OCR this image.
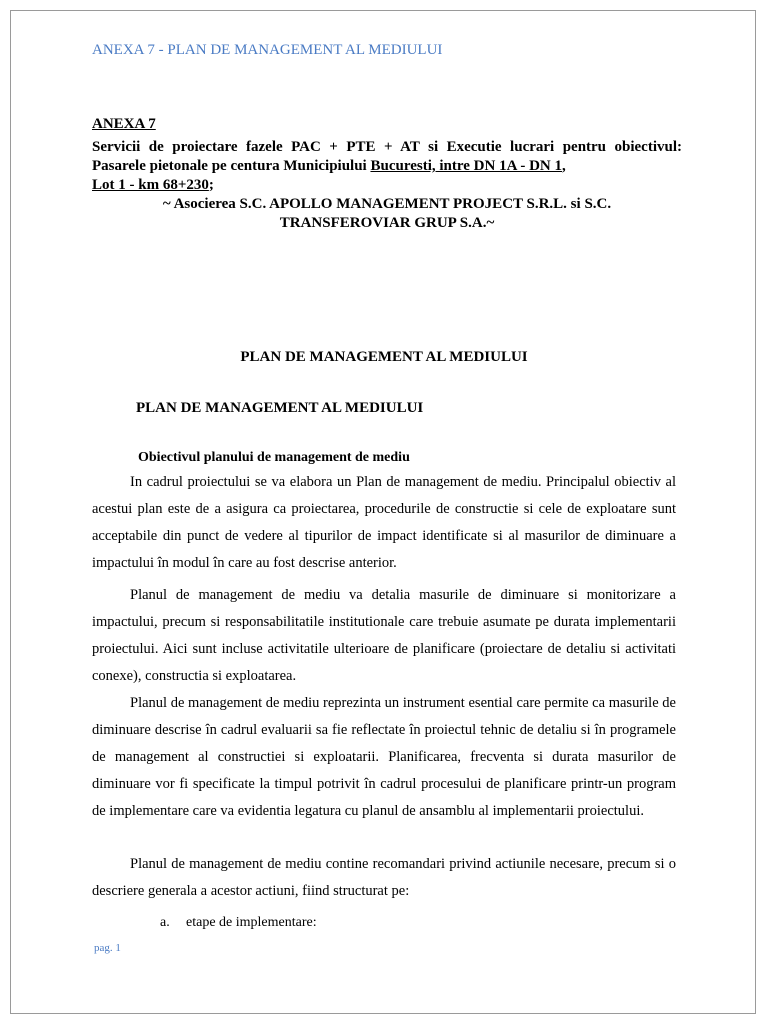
ANEXA 7 - PLAN DE MANAGEMENT AL MEDIULUI
ANEXA 7
Servicii de proiectare fazele PAC + PTE + AT si Executie lucrari pentru obiectivul:
Pasarele pietonale pe centura Municipiului Bucuresti, intre DN 1A - DN 1,
Lot 1 - km 68+230;
~ Asocierea S.C. APOLLO MANAGEMENT PROJECT S.R.L. si S.C.
TRANSFEROVIAR GRUP S.A.~
PLAN DE MANAGEMENT AL MEDIULUI
PLAN DE MANAGEMENT AL MEDIULUI
Obiectivul planului de management de mediu
In cadrul proiectului se va elabora un Plan de management de mediu. Principalul obiectiv al acestui plan este de a asigura ca proiectarea, procedurile de constructie si cele de exploatare sunt acceptabile din punct de vedere al tipurilor de impact identificate si al masurilor de diminuare a impactului în modul în care au fost descrise anterior.
Planul de management de mediu va detalia masurile de diminuare si monitorizare a impactului, precum si responsabilitatile institutionale care trebuie asumate pe durata implementarii proiectului. Aici sunt incluse activitatile ulterioare de planificare (proiectare de detaliu si activitati conexe), constructia si exploatarea.
Planul de management de mediu reprezinta un instrument esential care permite ca masurile de diminuare descrise în cadrul evaluarii sa fie reflectate în proiectul tehnic de detaliu si în programele de management al constructiei si exploatarii. Planificarea, frecventa si durata masurilor de diminuare vor fi specificate la timpul potrivit în cadrul procesului de planificare printr-un program de implementare care va evidentia legatura cu planul de ansamblu al implementarii proiectului.
Planul de management de mediu contine recomandari privind actiunile necesare, precum si o descriere generala a acestor actiuni, fiind structurat pe:
a. etape de implementare:
pag. 1
